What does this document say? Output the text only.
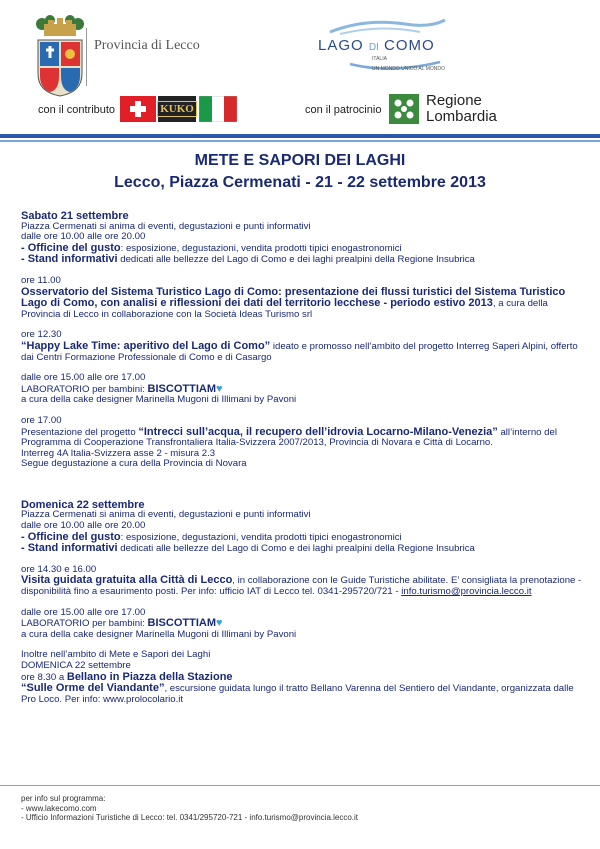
Provincia di Lecco	LAGO DI COMO
ITALIA
UN MONDO UNICO AL MONDO
con il contributo	KUKO	con il patrocinio
Regione
Lombardia
METE E SAPORI DEI LAGHI
Lecco, Piazza Cermenati - 21 - 22 settembre 2013

Sabato 21 settembre

Piazza Cermenati si anima di eventi, degustazioni e punti informativi

dalle ore 10.00 alle ore 20.00

- Officine del gusto: esposizione, degustazioni, vendita prodotti tipici enogastronomici

- Stand informativi dedicati alle bellezze del Lago di Como e dei laghi prealpini della Regione Insubrica

ore 11.00

Osservatorio del Sistema Turistico Lago di Como: presentazione dei flussi turistici del Sistema Turistico Lago di Como, con analisi e riflessioni dei dati del territorio lecchese - periodo estivo 2013, a cura della Provincia di Lecco in collaborazione con la Società Ideas Turismo srl

ore 12.30

“Happy Lake Time: aperitivo del Lago di Como” ideato e promosso nell’ambito del progetto Interreg Saperi Alpini, offerto dai Centri Formazione Professionale di Como e di Casargo

dalle ore 15.00 alle ore 17.00

LABORATORIO per bambini: BISCOTTIAM♥

a cura della cake designer Marinella Mugoni di Illimani by Pavoni

ore 17.00

Presentazione del progetto “Intrecci sull’acqua, il recupero dell’idrovia Locarno-Milano-Venezia” all’interno del Programma di Cooperazione Transfrontaliera Italia-Svizzera 2007/2013, Provincia di Novara e Città di Locarno.

Interreg 4A Italia-Svizzera asse 2 - misura 2.3

Segue degustazione a cura della Provincia di Novara

Domenica 22 settembre

Piazza Cermenati si anima di eventi, degustazioni e punti informativi

dalle ore 10.00 alle ore 20.00

- Officine del gusto: esposizione, degustazioni, vendita prodotti tipici enogastronomici

- Stand informativi dedicati alle bellezze del Lago di Como e dei laghi prealpini della Regione Insubrica

ore 14.30 e 16.00

Visita guidata gratuita alla Città di Lecco, in collaborazione con le Guide Turistiche abilitate. E’ consigliata la prenotazione - disponibilità fino a esaurimento posti. Per info: ufficio IAT di Lecco tel. 0341-295720/721 - info.turismo@provincia.lecco.it

dalle ore 15.00 alle ore 17.00

LABORATORIO per bambini: BISCOTTIAM♥

a cura della cake designer Marinella Mugoni di Illimani by Pavoni

Inoltre nell’ambito di Mete e Sapori dei Laghi

DOMENICA 22 settembre

ore 8.30 a Bellano in Piazza della Stazione

“Sulle Orme del Viandante”, escursione guidata lungo il tratto Bellano Varenna del Sentiero del Viandante, organizzata dalle Pro Loco. Per info: www.prolocolario.it

per info sul programma:
- www.lakecomo.com
- Ufficio Informazioni Turistiche di Lecco: tel. 0341/295720-721 - info.turismo@provincia.lecco.it
